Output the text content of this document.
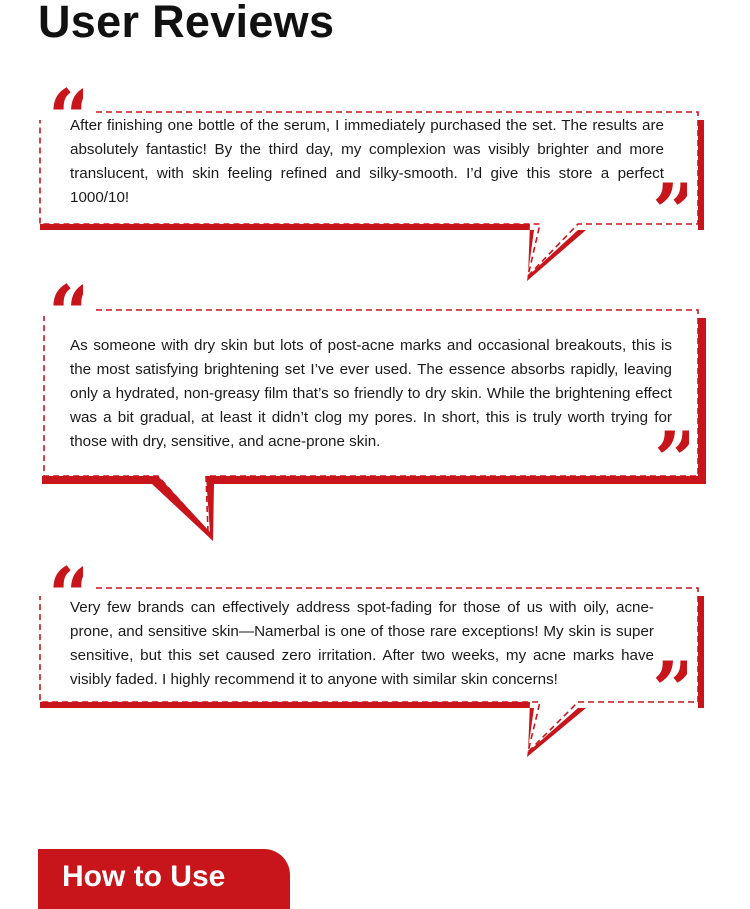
User Reviews
“
”

After finishing one bottle of the serum, I immediately purchased the set. The results are absolutely fantastic! By the third day, my complexion was visibly brighter and more translucent, with skin feeling refined and silky-smooth. I’d give this store a perfect 1000/10!

“
”

As someone with dry skin but lots of post-acne marks and occasional breakouts, this is the most satisfying brightening set I’ve ever used. The essence absorbs rapidly, leaving only a hydrated, non-greasy film that’s so friendly to dry skin. While the brightening effect was a bit gradual, at least it didn’t clog my pores. In short, this is truly worth trying for those with dry, sensitive, and acne-prone skin.

“
”

Very few brands can effectively address spot-fading for those of us with oily, acne-prone, and sensitive skin—Namerbal is one of those rare exceptions! My skin is super sensitive, but this set caused zero irritation. After two weeks, my acne marks have visibly faded. I highly recommend it to anyone with similar skin concerns!

How to Use
